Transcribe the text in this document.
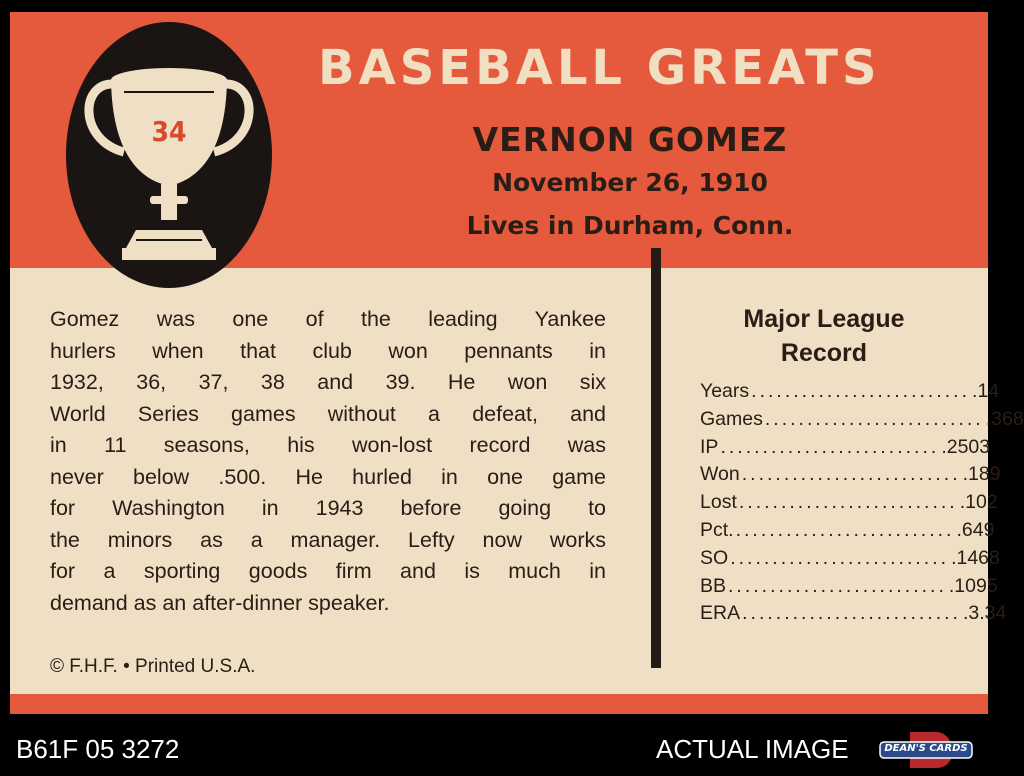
34
BASEBALL GREATS
VERNON GOMEZ
November 26, 1910
Lives in Durham, Conn.
Gomez was one of the leading Yankee
hurlers when that club won pennants in
1932, 36, 37, 38 and 39. He won six
World Series games without a defeat, and
in 11 seasons, his won-lost record was
never below .500. He hurled in one game
for Washington in 1943 before going to
the minors as a manager. Lefty now works
for a sporting goods firm and is much in
demand as an after-dinner speaker.
© F.H.F. • Printed U.S.A.
Major League
Record
Years .......................... .14
Games .......................... .368
IP .......................... .2503
Won .......................... .189
Lost .......................... .102
Pct. .......................... .649
SO .......................... .1468
BB .......................... .1095
ERA .......................... .3.34
B61F 05 3272	ACTUAL IMAGE	DEAN'S CARDS
